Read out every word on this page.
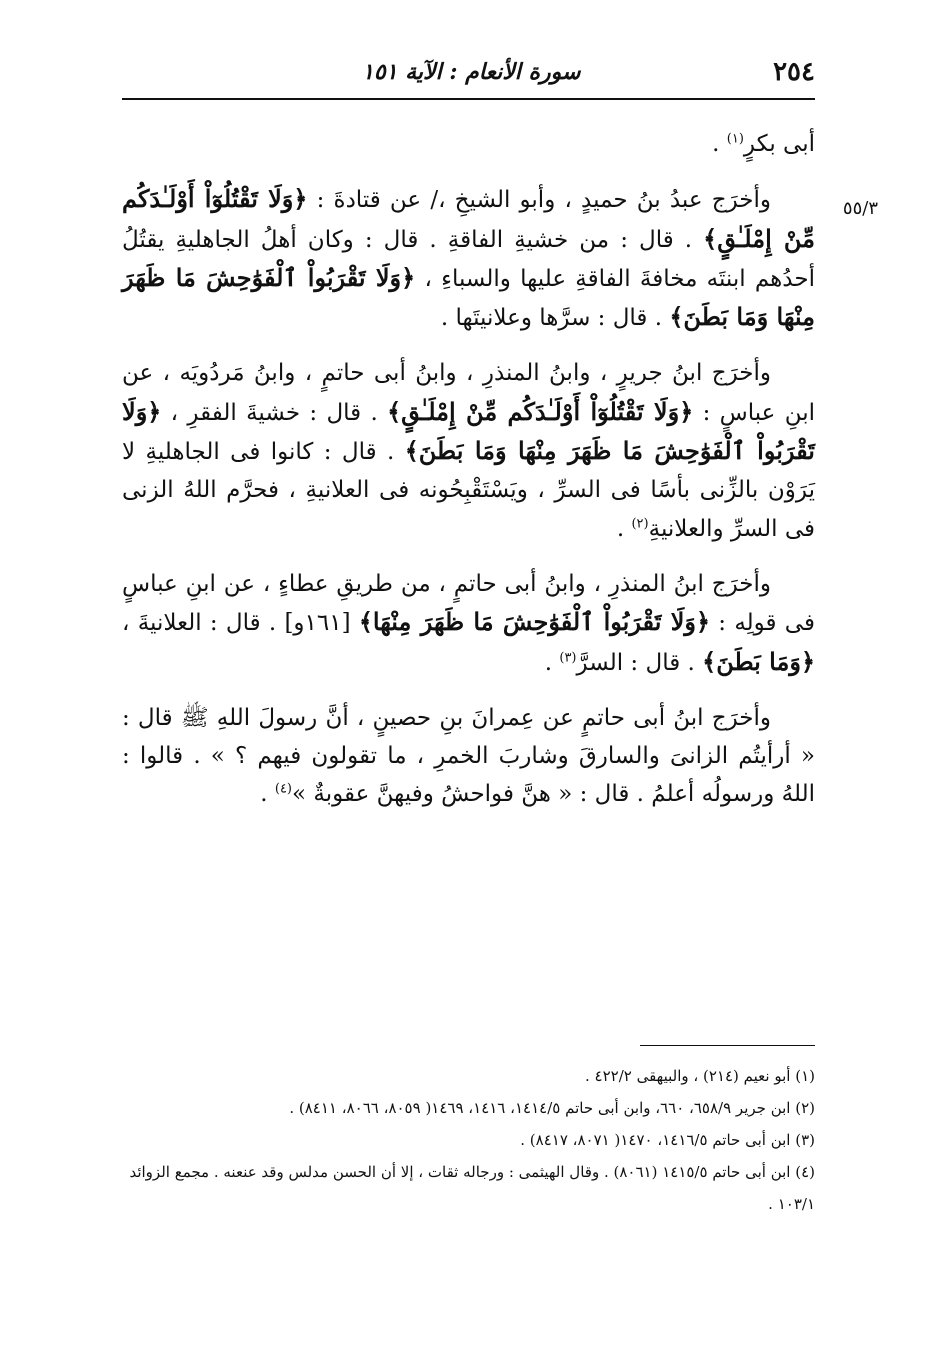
٢٥٤
سورة الأنعام : الآية ١٥١
٥٥/٣

أبى بكرٍ$^{(١)}$ .

وأخرَج عبدُ بنُ حميدٍ ، وأبو الشيخِ ،/ عن قتادةَ : ﴿وَلَا تَقْتُلُوٓاْ أَوْلَـٰدَكُم مِّنْ إِمْلَـٰقٍ﴾ . قال : من خشيةِ الفاقةِ . قال : وكان أهلُ الجاهليةِ يقتُلُ أحدُهم ابنتَه مخافةَ الفاقةِ عليها والسباءِ ، ﴿وَلَا تَقْرَبُواْ ٱلْفَوَٰحِشَ مَا ظَهَرَ مِنْهَا وَمَا بَطَنَ﴾ . قال : سرَّها وعلانيتَها .

وأخرَج ابنُ جريرٍ ، وابنُ المنذرِ ، وابنُ أبى حاتمٍ ، وابنُ مَردُويَه ، عن ابنِ عباسٍ : ﴿وَلَا تَقْتُلُوٓاْ أَوْلَـٰدَكُم مِّنْ إِمْلَـٰقٍ﴾ . قال : خشيةَ الفقرِ ، ﴿وَلَا تَقْرَبُواْ ٱلْفَوَٰحِشَ مَا ظَهَرَ مِنْهَا وَمَا بَطَنَ﴾ . قال : كانوا فى الجاهليةِ لا يَرَوْن بالزِّنى بأسًا فى السرِّ ، ويَسْتَقْبِحُونه فى العلانيةِ ، فحرَّم اللهُ الزنى فى السرِّ والعلانيةِ$^{(٢)}$ .

وأخرَج ابنُ المنذرِ ، وابنُ أبى حاتمٍ ، من طريقِ عطاءٍ ، عن ابنِ عباسٍ فى قولِه : ﴿وَلَا تَقْرَبُواْ ٱلْفَوَٰحِشَ مَا ظَهَرَ مِنْهَا﴾ [١٦١و] . قال : العلانيةَ ، ﴿وَمَا بَطَنَ﴾ . قال : السرَّ$^{(٣)}$ .

وأخرَج ابنُ أبى حاتمٍ عن عِمرانَ بنِ حصينٍ ، أنَّ رسولَ اللهِ ﷺ قال : « أرأيتُم الزانىَ والسارقَ وشاربَ الخمرِ ، ما تقولون فيهم ؟ » . قالوا : اللهُ ورسولُه أعلمُ . قال : « هنَّ فواحشُ وفيهنَّ عقوبةٌ »$^{(٤)}$ .

(١) أبو نعيم (٢١٤) ، والبيهقى ٤٢٢/٢ .

(٢) ابن جرير ٦٥٨/٩، ٦٦٠، وابن أبى حاتم ١٤١٤/٥، ١٤١٦، ١٤٦٩( ٨٠٥٩، ٨٠٦٦، ٨٤١١) .

(٣) ابن أبى حاتم ١٤١٦/٥، ١٤٧٠( ٨٠٧١، ٨٤١٧) .

(٤) ابن أبى حاتم ١٤١٥/٥ (٨٠٦١) . وقال الهيثمى : ورجاله ثقات ، إلا أن الحسن مدلس وقد عنعنه . مجمع الزوائد ١٠٣/١ .
